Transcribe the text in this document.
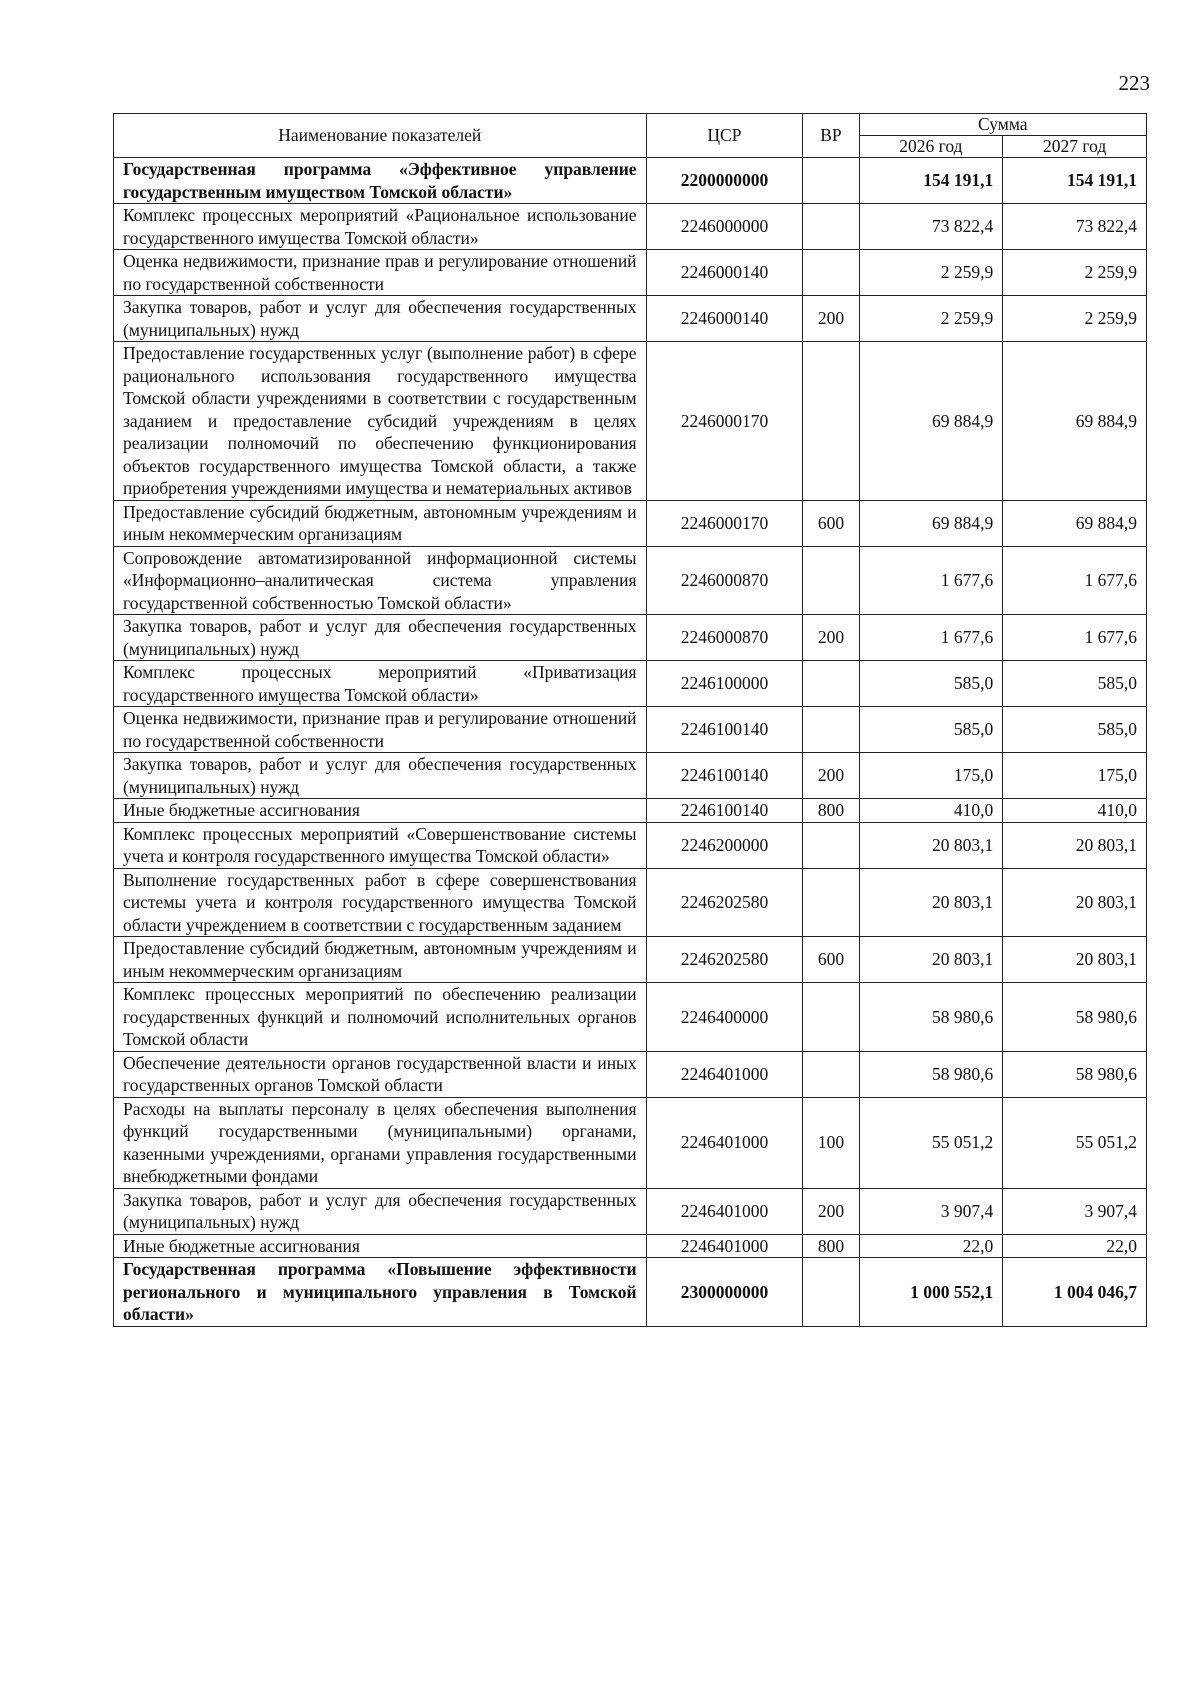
223
Наименование показателей	ЦСР	ВР	Сумма	
			2026 год	2027 год
Государственная программа «Эффективное управление государственным имуществом Томской области»	2200000000		154 191,1	154 191,1
Комплекс процессных мероприятий «Рациональное использование государственного имущества Томской области»	2246000000		73 822,4	73 822,4
Оценка недвижимости, признание прав и регулирование отношений по государственной собственности	2246000140		2 259,9	2 259,9
Закупка товаров, работ и услуг для обеспечения государственных (муниципальных) нужд	2246000140	200	2 259,9	2 259,9
Предоставление государственных услуг (выполнение работ) в сфере рационального использования государственного имущества Томской области учреждениями в соответствии с государственным заданием и предоставление субсидий учреждениям в целях реализации полномочий по обеспечению функционирования объектов государственного имущества Томской области, а также приобретения учреждениями имущества и нематериальных активов	2246000170		69 884,9	69 884,9
Предоставление субсидий бюджетным, автономным учреждениям и иным некоммерческим организациям	2246000170	600	69 884,9	69 884,9
Сопровождение автоматизированной информационной системы «Информационно–аналитическая система управления государственной собственностью Томской области»	2246000870		1 677,6	1 677,6
Закупка товаров, работ и услуг для обеспечения государственных (муниципальных) нужд	2246000870	200	1 677,6	1 677,6
Комплекс процессных мероприятий «Приватизация государственного имущества Томской области»	2246100000		585,0	585,0
Оценка недвижимости, признание прав и регулирование отношений по государственной собственности	2246100140		585,0	585,0
Закупка товаров, работ и услуг для обеспечения государственных (муниципальных) нужд	2246100140	200	175,0	175,0
Иные бюджетные ассигнования	2246100140	800	410,0	410,0
Комплекс процессных мероприятий «Совершенствование системы учета и контроля государственного имущества Томской области»	2246200000		20 803,1	20 803,1
Выполнение государственных работ в сфере совершенствования системы учета и контроля государственного имущества Томской области учреждением в соответствии с государственным заданием	2246202580		20 803,1	20 803,1
Предоставление субсидий бюджетным, автономным учреждениям и иным некоммерческим организациям	2246202580	600	20 803,1	20 803,1
Комплекс процессных мероприятий по обеспечению реализации государственных функций и полномочий исполнительных органов Томской области	2246400000		58 980,6	58 980,6
Обеспечение деятельности органов государственной власти и иных государственных органов Томской области	2246401000		58 980,6	58 980,6
Расходы на выплаты персоналу в целях обеспечения выполнения функций государственными (муниципальными) органами, казенными учреждениями, органами управления государственными внебюджетными фондами	2246401000	100	55 051,2	55 051,2
Закупка товаров, работ и услуг для обеспечения государственных (муниципальных) нужд	2246401000	200	3 907,4	3 907,4
Иные бюджетные ассигнования	2246401000	800	22,0	22,0
Государственная программа «Повышение эффективности регионального и муниципального управления в Томской области»	2300000000		1 000 552,1	1 004 046,7
